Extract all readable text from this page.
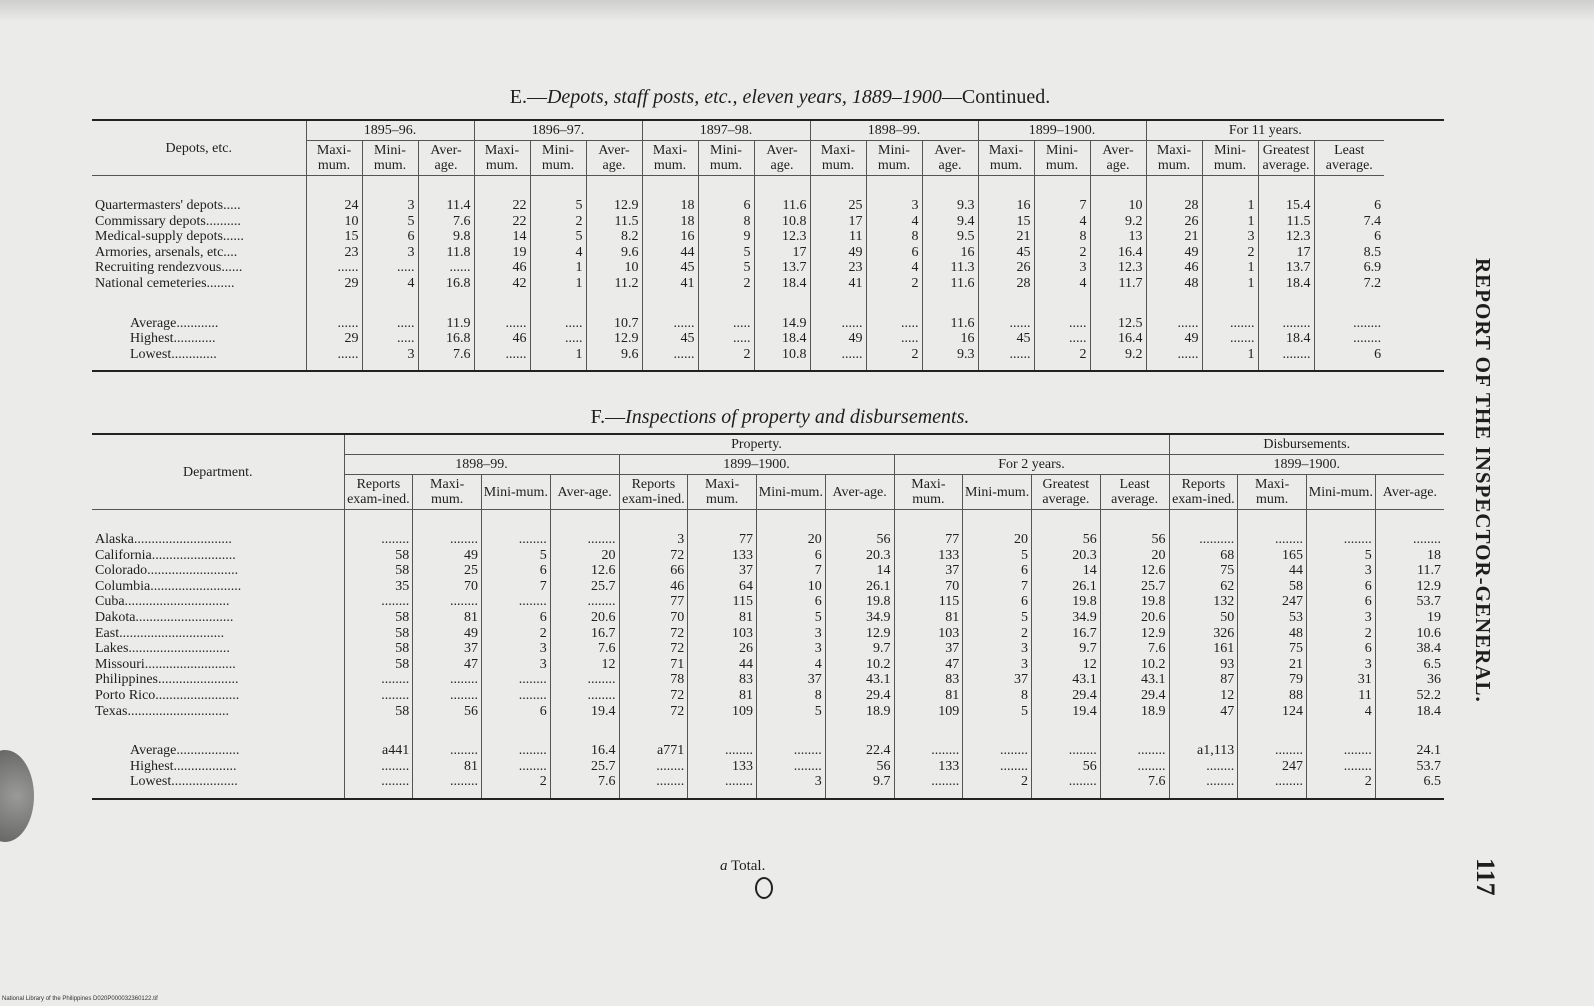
E.—Depots, staff posts, etc., eleven years, 1889–1900—Continued.
Depots, etc.	1895–96.			1896–97.			1897–98.			1898–99.			1899–1900.			For 11 years.			
	Maxi-mum.	Mini-mum.	Aver-age.	Maxi-mum.	Mini-mum.	Aver-age.	Maxi-mum.	Mini-mum.	Aver-age.	Maxi-mum.	Mini-mum.	Aver-age.	Maxi-mum.	Mini-mum.	Aver-age.	Maxi-mum.	Mini-mum.	Greatest average.	Least average.
Quartermasters' depots.....	24	3	11.4	22	5	12.9	18	6	11.6	25	3	9.3	16	7	10	28	1	15.4	6
Commissary depots..........	10	5	7.6	22	2	11.5	18	8	10.8	17	4	9.4	15	4	9.2	26	1	11.5	7.4
Medical-supply depots......	15	6	9.8	14	5	8.2	16	9	12.3	11	8	9.5	21	8	13	21	3	12.3	6
Armories, arsenals, etc....	23	3	11.8	19	4	9.6	44	5	17	49	6	16	45	2	16.4	49	2	17	8.5
Recruiting rendezvous......	......	.....	......	46	1	10	45	5	13.7	23	4	11.3	26	3	12.3	46	1	13.7	6.9
National cemeteries........	29	4	16.8	42	1	11.2	41	2	18.4	41	2	11.6	28	4	11.7	48	1	18.4	7.2
Average............	......	.....	11.9	......	.....	10.7	......	.....	14.9	......	.....	11.6	......	.....	12.5	......	.......	........	........
Highest............	29	.....	16.8	46	.....	12.9	45	.....	18.4	49	.....	16	45	.....	16.4	49	.......	18.4	........
Lowest.............	......	3	7.6	......	1	9.6	......	2	10.8	......	2	9.3	......	2	9.2	......	1	........	6
F.—Inspections of property and disbursements.
Department.	Property.												Disbursements.			
	1898–99.				1899–1900.				For 2 years.				1899–1900.			
	Reports exam-ined.	Maxi-mum.	Mini-mum.	Aver-age.	Reports exam-ined.	Maxi-mum.	Mini-mum.	Aver-age.	Maxi-mum.	Mini-mum.	Greatest average.	Least average.	Reports exam-ined.	Maxi-mum.	Mini-mum.	Aver-age.
Alaska............................	........	........	........	........	3	77	20	56	77	20	56	56	..........	........	........	........
California........................	58	49	5	20	72	133	6	20.3	133	5	20.3	20	68	165	5	18
Colorado..........................	58	25	6	12.6	66	37	7	14	37	6	14	12.6	75	44	3	11.7
Columbia..........................	35	70	7	25.7	46	64	10	26.1	70	7	26.1	25.7	62	58	6	12.9
Cuba..............................	........	........	........	........	77	115	6	19.8	115	6	19.8	19.8	132	247	6	53.7
Dakota............................	58	81	6	20.6	70	81	5	34.9	81	5	34.9	20.6	50	53	3	19
East..............................	58	49	2	16.7	72	103	3	12.9	103	2	16.7	12.9	326	48	2	10.6
Lakes.............................	58	37	3	7.6	72	26	3	9.7	37	3	9.7	7.6	161	75	6	38.4
Missouri..........................	58	47	3	12	71	44	4	10.2	47	3	12	10.2	93	21	3	6.5
Philippines.......................	........	........	........	........	78	83	37	43.1	83	37	43.1	43.1	87	79	31	36
Porto Rico........................	........	........	........	........	72	81	8	29.4	81	8	29.4	29.4	12	88	11	52.2
Texas.............................	58	56	6	19.4	72	109	5	18.9	109	5	19.4	18.9	47	124	4	18.4
Average..................	a441	........	........	16.4	a771	........	........	22.4	........	........	........	........	a1,113	........	........	24.1
Highest..................	........	81	........	25.7	........	133	........	56	133	........	56	........	........	247	........	53.7
Lowest...................	........	........	2	7.6	........	........	3	9.7	........	2	........	7.6	........	........	2	6.5
a Total.
REPORT OF THE INSPECTOR-GENERAL.
117
National Library of the Philippines D020P000032360122.tif
